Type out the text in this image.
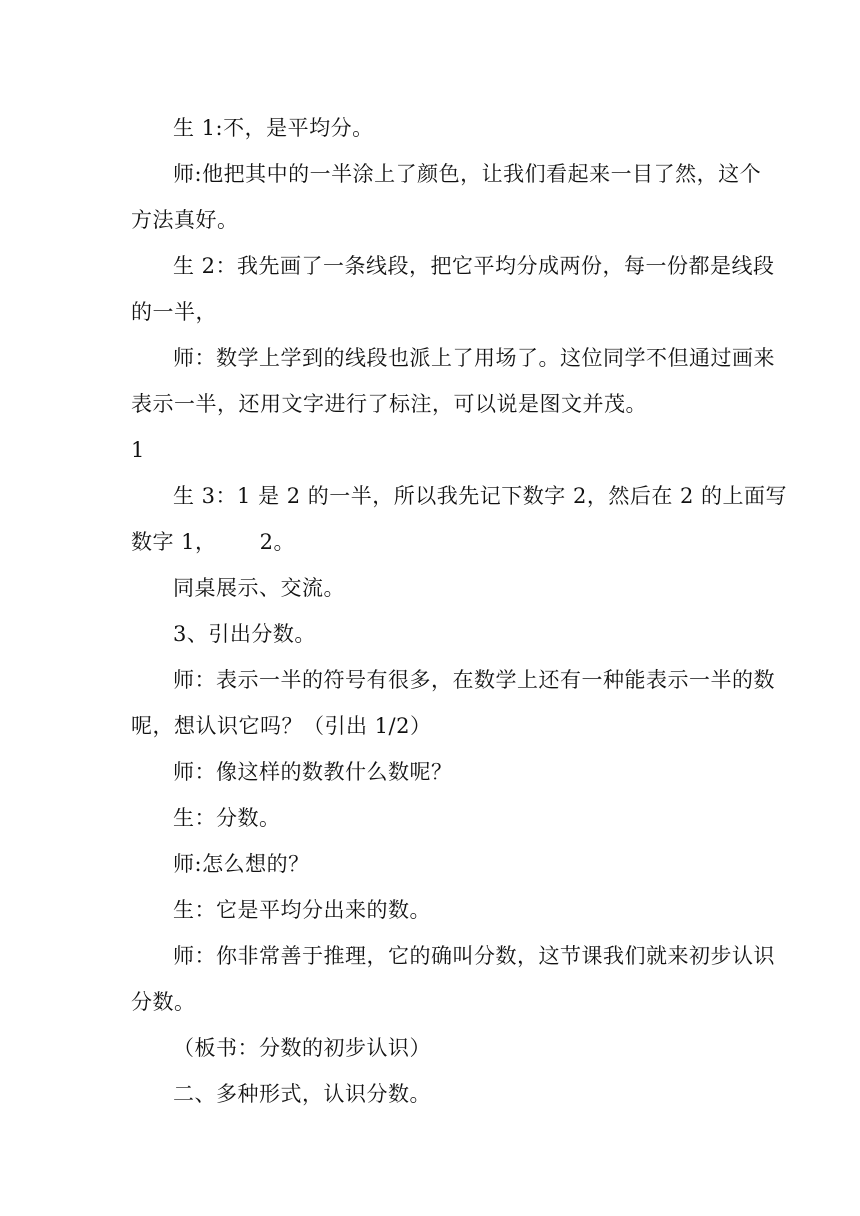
生 1:不，是平均分。
师:他把其中的一半涂上了颜色，让我们看起来一目了然，这个
方法真好。
生 2：我先画了一条线段，把它平均分成两份，每一份都是线段
的一半，
师：数学上学到的线段也派上了用场了。这位同学不但通过画来
表示一半，还用文字进行了标注，可以说是图文并茂。
1
生 3：1 是 2 的一半，所以我先记下数字 2，然后在 2 的上面写
数字 1，      2。
同桌展示、交流。
3、引出分数。
师：表示一半的符号有很多，在数学上还有一种能表示一半的数
呢，想认识它吗？（引出 1/2）
师：像这样的数教什么数呢？
生：分数。
师:怎么想的？
生：它是平均分出来的数。
师：你非常善于推理，它的确叫分数，这节课我们就来初步认识
分数。
（板书：分数的初步认识）
二、多种形式，认识分数。
